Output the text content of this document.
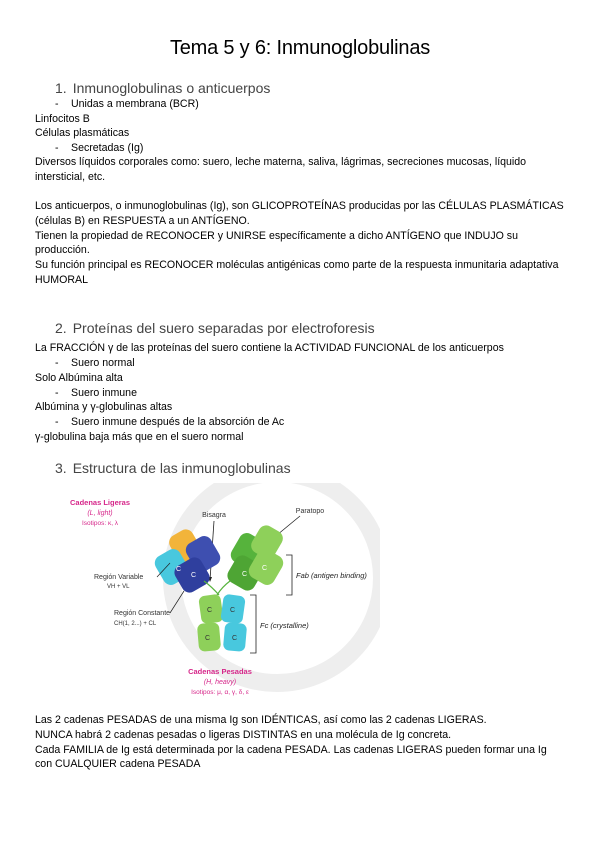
Tema 5 y 6: Inmunoglobulinas
1. Inmunoglobulinas o anticuerpos
- Unidas a membrana (BCR)
Linfocitos B
Células plasmáticas
- Secretadas (Ig)
Diversos líquidos corporales como: suero, leche materna, saliva, lágrimas, secreciones mucosas, líquido intersticial, etc.

Los anticuerpos, o inmunoglobulinas (Ig), son GLICOPROTEÍNAS producidas por las CÉLULAS PLASMÁTICAS (células B) en RESPUESTA a un ANTÍGENO.

Tienen la propiedad de RECONOCER y UNIRSE específicamente a dicho ANTÍGENO que INDUJO su producción.

Su función principal es RECONOCER moléculas antigénicas como parte de la respuesta inmunitaria adaptativa HUMORAL

2. Proteínas del suero separadas por electroforesis
La FRACCIÓN γ de las proteínas del suero contiene la ACTIVIDAD FUNCIONAL de los anticuerpos
- Suero normal
Solo Albúmina alta
- Suero inmune
Albúmina y γ-globulinas altas
- Suero inmune después de la absorción de Ac
γ-globulina baja más que en el suero normal
3. Estructura de las inmunoglobulinas
Cadenas Ligeras
(L, light)
Isotipos: κ, λ
Bisagra
Paratopo
C
C	C
C
C	C
C	C
Fab (antigen binding)
Fc (crystalline)
Región Variable
VH + VL
Región Constante
CH(1, 2...) + CL
Cadenas Pesadas
(H, heavy)
Isotipos: μ, α, γ, δ, ε

Las 2 cadenas PESADAS de una misma Ig son IDÉNTICAS, así como las 2 cadenas LIGERAS.

NUNCA habrá 2 cadenas pesadas o ligeras DISTINTAS en una molécula de Ig concreta.

Cada FAMILIA de Ig está determinada por la cadena PESADA. Las cadenas LIGERAS pueden formar una Ig con CUALQUIER cadena PESADA
